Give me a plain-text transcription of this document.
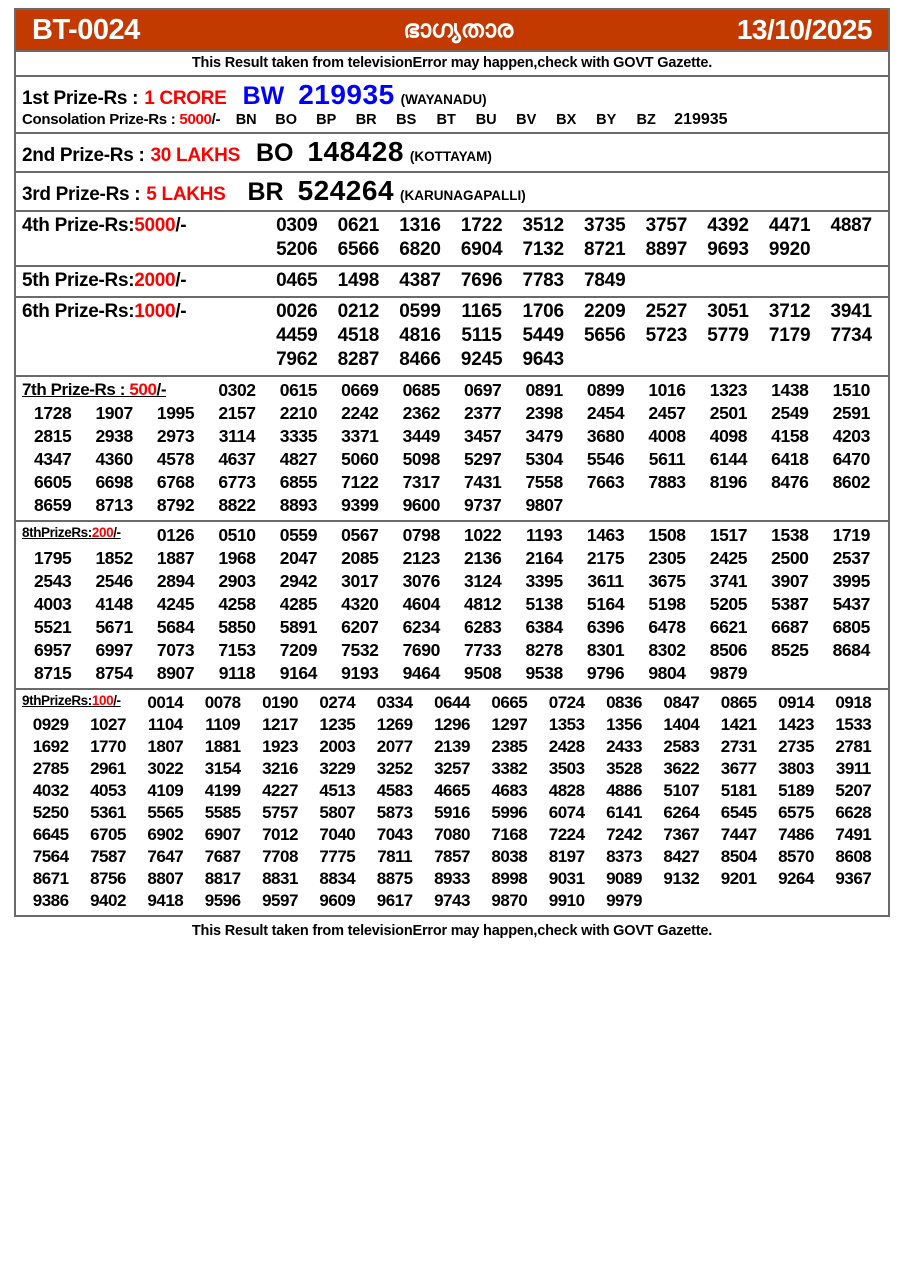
BT-0024	ഭാഗ്യതാര	13/10/2025
This Result taken from televisionError may happen,check with GOVT Gazette.
1st Prize-Rs : 1 CRORE BW 219935 (WAYANADU)
Consolation Prize-Rs : 5000 /-	BN	BO	BP	BR	BS	BT	BU	BV	BX	BY	BZ	219935
2nd Prize-Rs : 30 LAKHS BO 148428 (KOTTAYAM)
3rd Prize-Rs : 5 LAKHS BR 524264 (KARUNAGAPALLI)
4th Prize-Rs:5000/-	0309	0621	1316	1722	3512	3735	3757	4392	4471	4887
5206	6566	6820	6904	7132	8721	8897	9693	9920
5th Prize-Rs:2000/-	0465	1498	4387	7696	7783	7849
6th Prize-Rs:1000/-	0026	0212	0599	1165	1706	2209	2527	3051	3712	3941
4459	4518	4816	5115	5449	5656	5723	5779	7179	7734
7962	8287	8466	9245	9643
7th Prize-Rs : 500/-	0302	0615	0669	0685	0697	0891	0899	1016	1323	1438	1510
1728	1907	1995	2157	2210	2242	2362	2377	2398	2454	2457	2501	2549	2591
2815	2938	2973	3114	3335	3371	3449	3457	3479	3680	4008	4098	4158	4203
4347	4360	4578	4637	4827	5060	5098	5297	5304	5546	5611	6144	6418	6470
6605	6698	6768	6773	6855	7122	7317	7431	7558	7663	7883	8196	8476	8602
8659	8713	8792	8822	8893	9399	9600	9737	9807
8thPrizeRs:200/-	0126	0510	0559	0567	0798	1022	1193	1463	1508	1517	1538	1719
1795	1852	1887	1968	2047	2085	2123	2136	2164	2175	2305	2425	2500	2537
2543	2546	2894	2903	2942	3017	3076	3124	3395	3611	3675	3741	3907	3995
4003	4148	4245	4258	4285	4320	4604	4812	5138	5164	5198	5205	5387	5437
5521	5671	5684	5850	5891	6207	6234	6283	6384	6396	6478	6621	6687	6805
6957	6997	7073	7153	7209	7532	7690	7733	8278	8301	8302	8506	8525	8684
8715	8754	8907	9118	9164	9193	9464	9508	9538	9796	9804	9879
9thPrizeRs:100/-	0014	0078	0190	0274	0334	0644	0665	0724	0836	0847	0865	0914	0918
0929	1027	1104	1109	1217	1235	1269	1296	1297	1353	1356	1404	1421	1423	1533
1692	1770	1807	1881	1923	2003	2077	2139	2385	2428	2433	2583	2731	2735	2781
2785	2961	3022	3154	3216	3229	3252	3257	3382	3503	3528	3622	3677	3803	3911
4032	4053	4109	4199	4227	4513	4583	4665	4683	4828	4886	5107	5181	5189	5207
5250	5361	5565	5585	5757	5807	5873	5916	5996	6074	6141	6264	6545	6575	6628
6645	6705	6902	6907	7012	7040	7043	7080	7168	7224	7242	7367	7447	7486	7491
7564	7587	7647	7687	7708	7775	7811	7857	8038	8197	8373	8427	8504	8570	8608
8671	8756	8807	8817	8831	8834	8875	8933	8998	9031	9089	9132	9201	9264	9367
9386	9402	9418	9596	9597	9609	9617	9743	9870	9910	9979
This Result taken from televisionError may happen,check with GOVT Gazette.
